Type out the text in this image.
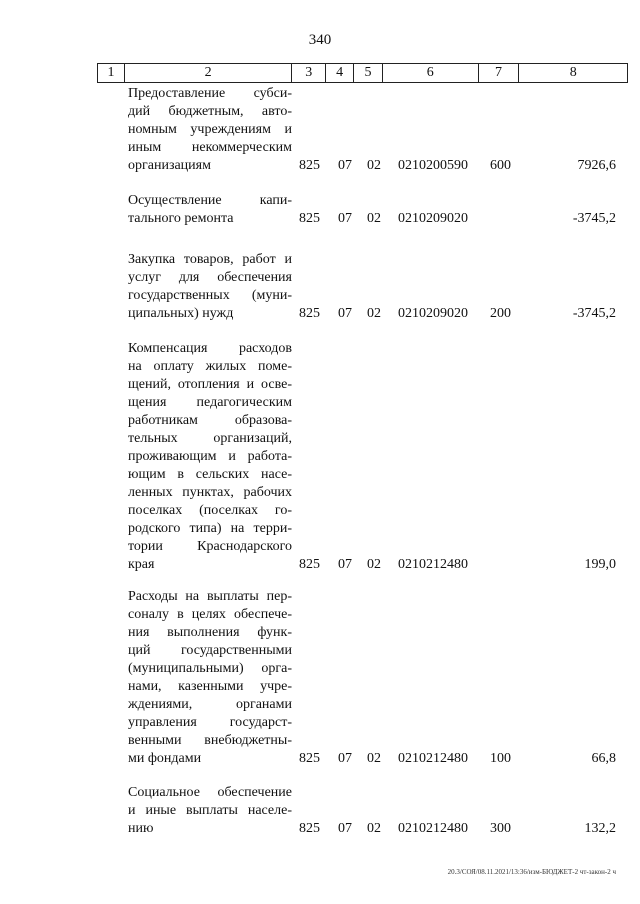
340
1	2	3	4	5	6	7	8
Предоставление субси-
дий бюджетным, авто-
номным учреждениям и
иным некоммерческим
организациям	825 07 02 0210200590 600	7926,6
Осуществление капи-
тального ремонта	825 07 02 0210209020	-3745,2
Закупка товаров, работ и
услуг для обеспечения
государственных (муни-
ципальных) нужд	825 07 02 0210209020 200	-3745,2
Компенсация расходов
на оплату жилых поме-
щений, отопления и осве-
щения педагогическим
работникам образова-
тельных организаций,
проживающим и работа-
ющим в сельских насе-
ленных пунктах, рабочих
поселках (поселках го-
родского типа) на терри-
тории Краснодарского
края	825 07 02 0210212480	199,0
Расходы на выплаты пер-
соналу в целях обеспече-
ния выполнения функ-
ций государственными
(муниципальными) орга-
нами, казенными учре-
ждениями, органами
управления государст-
венными внебюджетны-
ми фондами	825 07 02 0210212480 100	66,8
Социальное обеспечение
и иные выплаты населе-
нию	825 07 02 0210212480 300	132,2
20.3/СОЯ/08.11.2021/13:36/изм-БЮДЖЕТ-2 чт-закон-2 ч
